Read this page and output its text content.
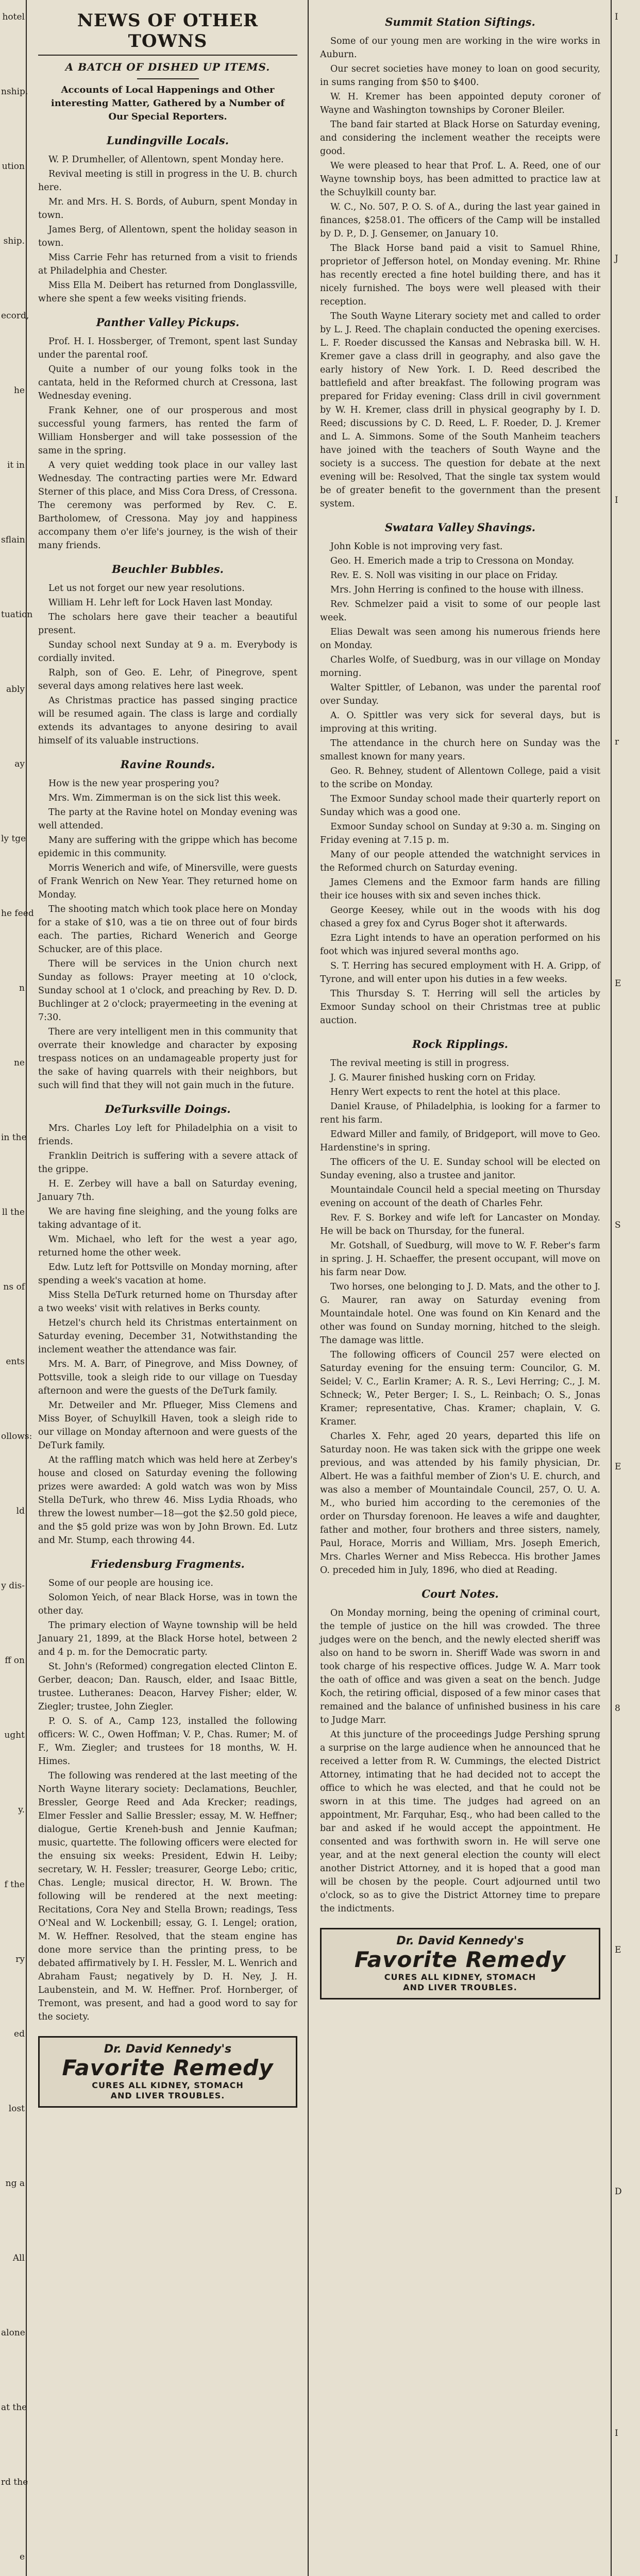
hotel
nship.
ution
ship.
ecord,
he
it in
sflain
tuation
ably
ay
ly tge
he feed
n
ne
in the
ll the
ns of
ents
ollows:
ld
y dis-
ff on
ught
y.
f the
ry
ed
lost
ng a
All
alone
at the
rd the
e
NEWS OF OTHER TOWNS
A BATCH OF DISHED UP ITEMS.
Accounts of Local Happenings and Other interesting Matter, Gathered by a Number of Our Special Reporters.
Lundingville Locals.

W. P. Drumheller, of Allentown, spent Monday here.

Revival meeting is still in progress in the U. B. church here.

Mr. and Mrs. H. S. Bords, of Auburn, spent Monday in town.

James Berg, of Allentown, spent the holiday season in town.

Miss Carrie Fehr has returned from a visit to friends at Philadelphia and Chester.

Miss Ella M. Deibert has returned from Donglassville, where she spent a few weeks visiting friends.

Panther Valley Pickups.

Prof. H. I. Hossberger, of Tremont, spent last Sunday under the parental roof.

Quite a number of our young folks took in the cantata, held in the Reformed church at Cressona, last Wednesday evening.

Frank Kehner, one of our prosperous and most successful young farmers, has rented the farm of William Honsberger and will take possession of the same in the spring.

A very quiet wedding took place in our valley last Wednesday. The contracting parties were Mr. Edward Sterner of this place, and Miss Cora Dress, of Cressona. The ceremony was performed by Rev. C. E. Bartholomew, of Cressona. May joy and happiness accompany them o'er life's journey, is the wish of their many friends.

Beuchler Bubbles.

Let us not forget our new year resolutions.

William H. Lehr left for Lock Haven last Monday.

The scholars here gave their teacher a beautiful present.

Sunday school next Sunday at 9 a. m. Everybody is cordially invited.

Ralph, son of Geo. E. Lehr, of Pinegrove, spent several days among relatives here last week.

As Christmas practice has passed singing practice will be resumed again. The class is large and cordially extends its advantages to anyone desiring to avail himself of its valuable instructions.

Ravine Rounds.

How is the new year prospering you?

Mrs. Wm. Zimmerman is on the sick list this week.

The party at the Ravine hotel on Monday evening was well attended.

Many are suffering with the grippe which has become epidemic in this community.

Morris Wenerich and wife, of Minersville, were guests of Frank Wenrich on New Year. They returned home on Monday.

The shooting match which took place here on Monday for a stake of $10, was a tie on three out of four birds each. The parties, Richard Wenerich and George Schucker, are of this place.

There will be services in the Union church next Sunday as follows: Prayer meeting at 10 o'clock, Sunday school at 1 o'clock, and preaching by Rev. D. D. Buchlinger at 2 o'clock; prayermeeting in the evening at 7:30.

There are very intelligent men in this community that overrate their knowledge and character by exposing trespass notices on an undamageable property just for the sake of having quarrels with their neighbors, but such will find that they will not gain much in the future.

DeTurksville Doings.

Mrs. Charles Loy left for Philadelphia on a visit to friends.

Franklin Deitrich is suffering with a severe attack of the grippe.

H. E. Zerbey will have a ball on Saturday evening, January 7th.

We are having fine sleighing, and the young folks are taking advantage of it.

Wm. Michael, who left for the west a year ago, returned home the other week.

Edw. Lutz left for Pottsville on Monday morning, after spending a week's vacation at home.

Miss Stella DeTurk returned home on Thursday after a two weeks' visit with relatives in Berks county.

Hetzel's church held its Christmas entertainment on Saturday evening, December 31, Notwithstanding the inclement weather the attendance was fair.

Mrs. M. A. Barr, of Pinegrove, and Miss Downey, of Pottsville, took a sleigh ride to our village on Tuesday afternoon and were the guests of the DeTurk family.

Mr. Detweiler and Mr. Pflueger, Miss Clemens and Miss Boyer, of Schuylkill Haven, took a sleigh ride to our village on Monday afternoon and were guests of the DeTurk family.

At the raffling match which was held here at Zerbey's house and closed on Saturday evening the following prizes were awarded: A gold watch was won by Miss Stella DeTurk, who threw 46. Miss Lydia Rhoads, who threw the lowest number—18—got the $2.50 gold piece, and the $5 gold prize was won by John Brown. Ed. Lutz and Mr. Stump, each throwing 44.

Friedensburg Fragments.

Some of our people are housing ice.

Solomon Yeich, of near Black Horse, was in town the other day.

The primary election of Wayne township will be held January 21, 1899, at the Black Horse hotel, between 2 and 4 p. m. for the Democratic party.

St. John's (Reformed) congregation elected Clinton E. Gerber, deacon; Dan. Rausch, elder, and Isaac Bittle, trustee. Lutheranes: Deacon, Harvey Fisher; elder, W. Ziegler; trustee, John Ziegler.

P. O. S. of A., Camp 123, installed the following officers: W. C., Owen Hoffman; V. P., Chas. Rumer; M. of F., Wm. Ziegler; and trustees for 18 months, W. H. Himes.

The following was rendered at the last meeting of the North Wayne literary society: Declamations, Beuchler, Bressler, George Reed and Ada Krecker; readings, Elmer Fessler and Sallie Bressler; essay, M. W. Heffner; dialogue, Gertie Kreneh-bush and Jennie Kaufman; music, quartette. The following officers were elected for the ensuing six weeks: President, Edwin H. Leiby; secretary, W. H. Fessler; treasurer, George Lebo; critic, Chas. Lengle; musical director, H. W. Brown. The following will be rendered at the next meeting: Recitations, Cora Ney and Stella Brown; readings, Tess O'Neal and W. Lockenbill; essay, G. I. Lengel; oration, M. W. Heffner. Resolved, that the steam engine has done more service than the printing press, to be debated affirmatively by I. H. Fessler, M. L. Wenrich and Abraham Faust; negatively by D. H. Ney, J. H. Laubenstein, and M. W. Heffner. Prof. Hornberger, of Tremont, was present, and had a good word to say for the society.

Dr. David Kennedy's
Favorite Remedy
CURES ALL KIDNEY, STOMACH
AND LIVER TROUBLES.
Summit Station Siftings.

Some of our young men are working in the wire works in Auburn.

Our secret societies have money to loan on good security, in sums ranging from $50 to $400.

W. H. Kremer has been appointed deputy coroner of Wayne and Washington townships by Coroner Bleiler.

The band fair started at Black Horse on Saturday evening, and considering the inclement weather the receipts were good.

We were pleased to hear that Prof. L. A. Reed, one of our Wayne township boys, has been admitted to practice law at the Schuylkill county bar.

W. C., No. 507, P. O. S. of A., during the last year gained in finances, $258.01. The officers of the Camp will be installed by D. P., D. J. Gensemer, on January 10.

The Black Horse band paid a visit to Samuel Rhine, proprietor of Jefferson hotel, on Monday evening. Mr. Rhine has recently erected a fine hotel building there, and has it nicely furnished. The boys were well pleased with their reception.

The South Wayne Literary society met and called to order by L. J. Reed. The chaplain conducted the opening exercises. L. F. Roeder discussed the Kansas and Nebraska bill. W. H. Kremer gave a class drill in geography, and also gave the early history of New York. I. D. Reed described the battlefield and after breakfast. The following program was prepared for Friday evening: Class drill in civil government by W. H. Kremer, class drill in physical geography by I. D. Reed; discussions by C. D. Reed, L. F. Roeder, D. J. Kremer and L. A. Simmons. Some of the South Manheim teachers have joined with the teachers of South Wayne and the society is a success. The question for debate at the next evening will be: Resolved, That the single tax system would be of greater benefit to the government than the present system.

Swatara Valley Shavings.

John Koble is not improving very fast.

Geo. H. Emerich made a trip to Cressona on Monday.

Rev. E. S. Noll was visiting in our place on Friday.

Mrs. John Herring is confined to the house with illness.

Rev. Schmelzer paid a visit to some of our people last week.

Elias Dewalt was seen among his numerous friends here on Monday.

Charles Wolfe, of Suedburg, was in our village on Monday morning.

Walter Spittler, of Lebanon, was under the parental roof over Sunday.

A. O. Spittler was very sick for several days, but is improving at this writing.

The attendance in the church here on Sunday was the smallest known for many years.

Geo. R. Behney, student of Allentown College, paid a visit to the scribe on Monday.

The Exmoor Sunday school made their quarterly report on Sunday which was a good one.

Exmoor Sunday school on Sunday at 9:30 a. m. Singing on Friday evening at 7.15 p. m.

Many of our people attended the watchnight services in the Reformed church on Saturday evening.

James Clemens and the Exmoor farm hands are filling their ice houses with six and seven inches thick.

George Keesey, while out in the woods with his dog chased a grey fox and Cyrus Boger shot it afterwards.

Ezra Light intends to have an operation performed on his foot which was injured several months ago.

S. T. Herring has secured employment with H. A. Gripp, of Tyrone, and will enter upon his duties in a few weeks.

This Thursday S. T. Herring will sell the articles by Exmoor Sunday school on their Christmas tree at public auction.

Rock Ripplings.

The revival meeting is still in progress.

J. G. Maurer finished husking corn on Friday.

Henry Wert expects to rent the hotel at this place.

Daniel Krause, of Philadelphia, is looking for a farmer to rent his farm.

Edward Miller and family, of Bridgeport, will move to Geo. Hardenstine's in spring.

The officers of the U. E. Sunday school will be elected on Sunday evening, also a trustee and janitor.

Mountaindale Council held a special meeting on Thursday evening on account of the death of Charles Fehr.

Rev. F. S. Borkey and wife left for Lancaster on Monday. He will be back on Thursday, for the funeral.

Mr. Gotshall, of Suedburg, will move to W. F. Reber's farm in spring. J. H. Schaeffer, the present occupant, will move on his farm near Dow.

Two horses, one belonging to J. D. Mats, and the other to J. G. Maurer, ran away on Saturday evening from Mountaindale hotel. One was found on Kin Kenard and the other was found on Sunday morning, hitched to the sleigh. The damage was little.

The following officers of Council 257 were elected on Saturday evening for the ensuing term: Councilor, G. M. Seidel; V. C., Earlin Kramer; A. R. S., Levi Herring; C., J. M. Schneck; W., Peter Berger; I. S., L. Reinbach; O. S., Jonas Kramer; representative, Chas. Kramer; chaplain, V. G. Kramer.

Charles X. Fehr, aged 20 years, departed this life on Saturday noon. He was taken sick with the grippe one week previous, and was attended by his family physician, Dr. Albert. He was a faithful member of Zion's U. E. church, and was also a member of Mountaindale Council, 257, O. U. A. M., who buried him according to the ceremonies of the order on Thursday forenoon. He leaves a wife and daughter, father and mother, four brothers and three sisters, namely, Paul, Horace, Morris and William, Mrs. Joseph Emerich, Mrs. Charles Werner and Miss Rebecca. His brother James O. preceded him in July, 1896, who died at Reading.

Court Notes.

On Monday morning, being the opening of criminal court, the temple of justice on the hill was crowded. The three judges were on the bench, and the newly elected sheriff was also on hand to be sworn in. Sheriff Wade was sworn in and took charge of his respective offices. Judge W. A. Marr took the oath of office and was given a seat on the bench. Judge Koch, the retiring official, disposed of a few minor cases that remained and the balance of unfinished business in his care to Judge Marr.

At this juncture of the proceedings Judge Pershing sprung a surprise on the large audience when he announced that he received a letter from R. W. Cummings, the elected District Attorney, intimating that he had decided not to accept the office to which he was elected, and that he could not be sworn in at this time. The judges had agreed on an appointment, Mr. Farquhar, Esq., who had been called to the bar and asked if he would accept the appointment. He consented and was forthwith sworn in. He will serve one year, and at the next general election the county will elect another District Attorney, and it is hoped that a good man will be chosen by the people. Court adjourned until two o'clock, so as to give the District Attorney time to prepare the indictments.

Dr. David Kennedy's
Favorite Remedy
CURES ALL KIDNEY, STOMACH
AND LIVER TROUBLES.
I
J
I
r
E
S
E
8
E
D
I
